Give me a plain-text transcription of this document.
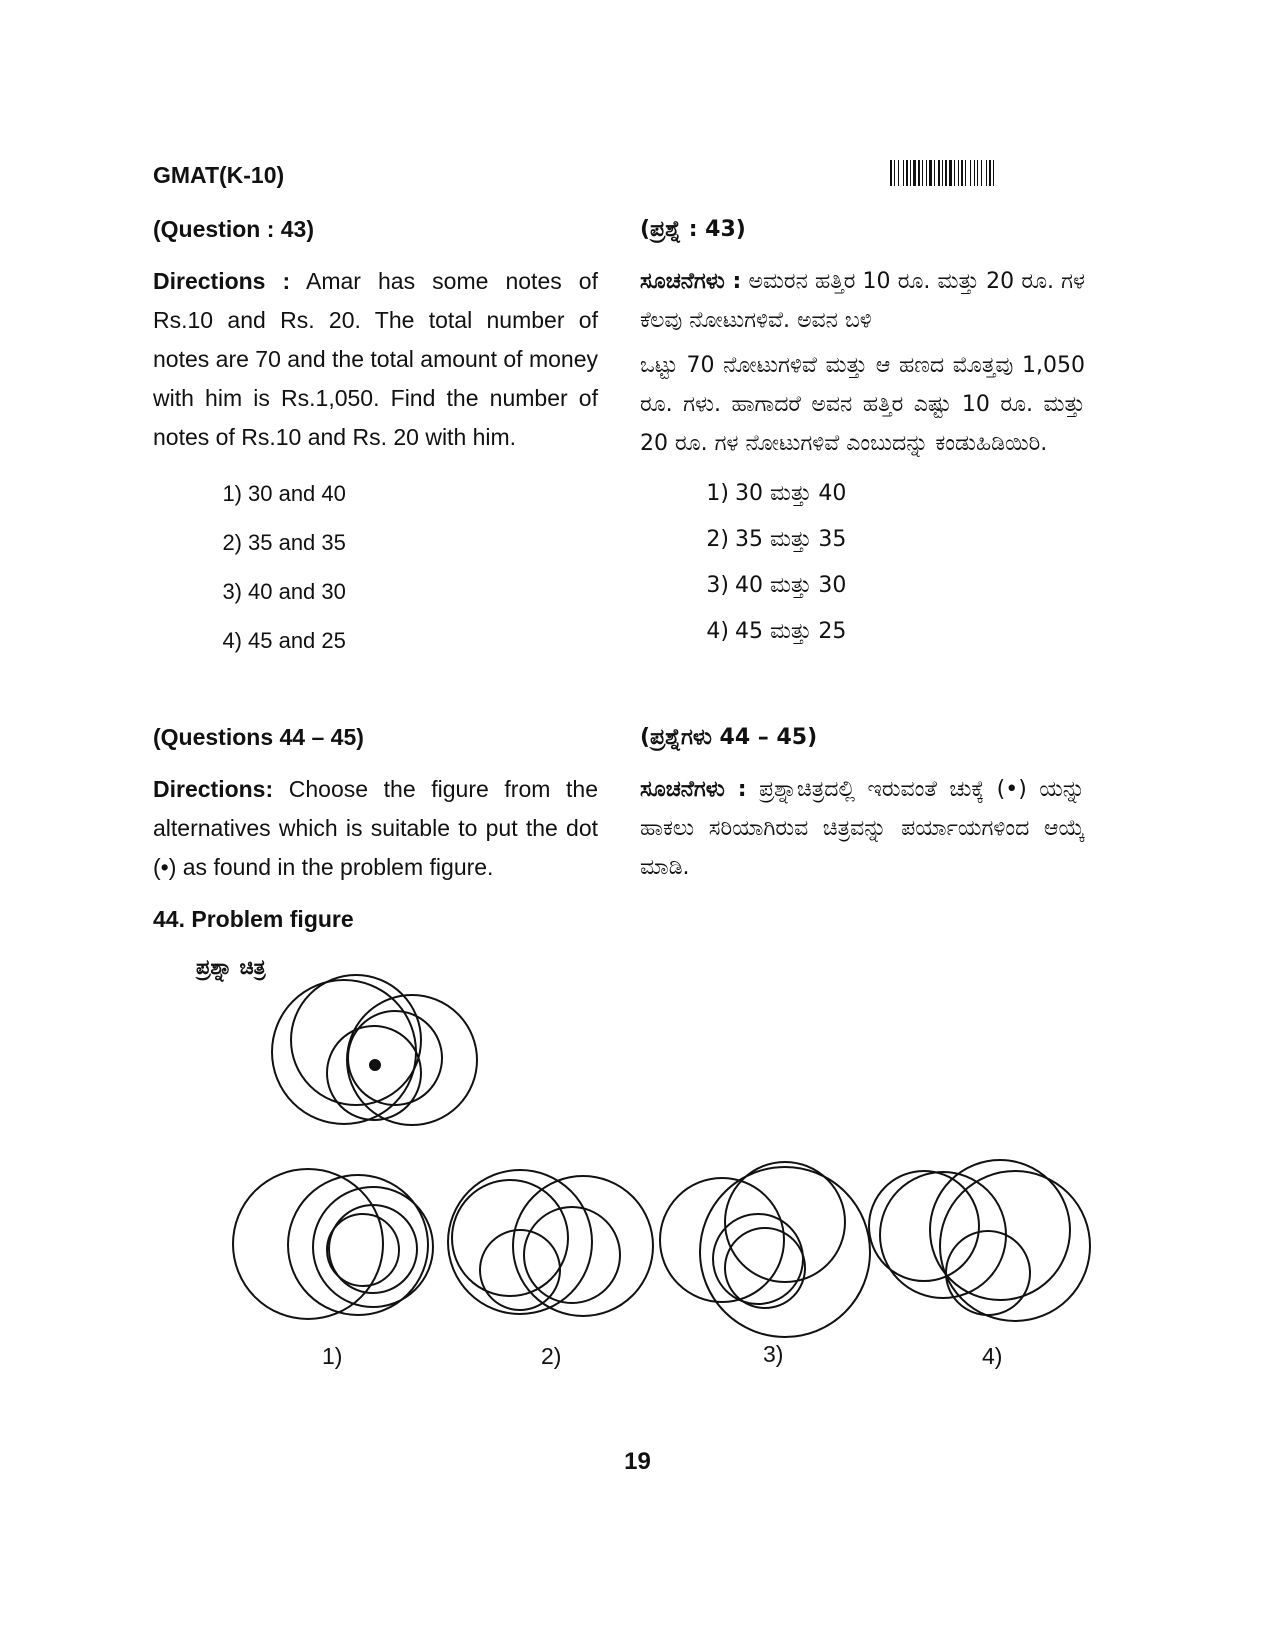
GMAT(K-10)
(Question : 43)
Directions : Amar has some notes of Rs.10 and Rs. 20. The total number of notes are 70 and the total amount of money with him is Rs.1,050. Find the number of notes of Rs.10 and Rs. 20 with him.
1) 30 and 40
2) 35 and 35
3) 40 and 30
4) 45 and 25
(Questions 44 – 45)
Directions: Choose the figure from the alternatives which is suitable to put the dot (•) as found in the problem figure.
(ಪ್ರಶ್ನೆ : 43)
ಸೂಚನೆಗಳು : ಅಮರನ ಹತ್ತಿರ 10 ರೂ. ಮತ್ತು 20 ರೂ. ಗಳ ಕೆಲವು ನೋಟುಗಳಿವೆ. ಅವನ ಬಳಿ
ಒಟ್ಟು 70 ನೋಟುಗಳಿವೆ ಮತ್ತು ಆ ಹಣದ ಮೊತ್ತವು 1,050 ರೂ. ಗಳು. ಹಾಗಾದರೆ ಅವನ ಹತ್ತಿರ ಎಷ್ಟು 10 ರೂ. ಮತ್ತು 20 ರೂ. ಗಳ ನೋಟುಗಳಿವೆ ಎಂಬುದನ್ನು ಕಂಡುಹಿಡಿಯಿರಿ.
1) 30 ಮತ್ತು 40
2) 35 ಮತ್ತು 35
3) 40 ಮತ್ತು 30
4) 45 ಮತ್ತು 25
(ಪ್ರಶ್ನೆಗಳು 44 – 45)
ಸೂಚನೆಗಳು : ಪ್ರಶ್ನಾಚಿತ್ರದಲ್ಲಿ ಇರುವಂತೆ ಚುಕ್ಕೆ (•) ಯನ್ನು ಹಾಕಲು ಸರಿಯಾಗಿರುವ ಚಿತ್ರವನ್ನು ಪರ್ಯಾಯಗಳಿಂದ ಆಯ್ಕೆ ಮಾಡಿ.
44. Problem figure
ಪ್ರಶ್ನಾ ಚಿತ್ರ
1)	2)	3)	4)
19
